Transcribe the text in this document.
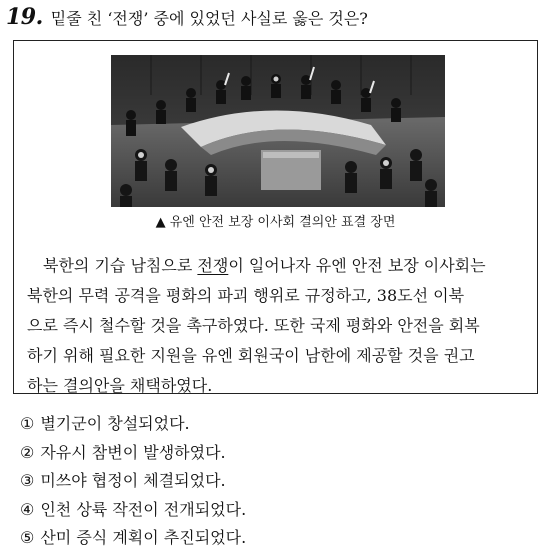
19. 밑줄 친 ‘전쟁’ 중에 있었던 사실로 옳은 것은?
▲ 유엔 안전 보장 이사회 결의안 표결 장면
　북한의 기습 남침으로 전쟁이 일어나자 유엔 안전 보장 이사회는
북한의 무력 공격을 평화의 파괴 행위로 규정하고, 38도선 이북
으로 즉시 철수할 것을 촉구하였다. 또한 국제 평화와 안전을 회복
하기 위해 필요한 지원을 유엔 회원국이 남한에 제공할 것을 권고
하는 결의안을 채택하였다.
① 별기군이 창설되었다.
② 자유시 참변이 발생하였다.
③ 미쓰야 협정이 체결되었다.
④ 인천 상륙 작전이 전개되었다.
⑤ 산미 증식 계획이 추진되었다.
